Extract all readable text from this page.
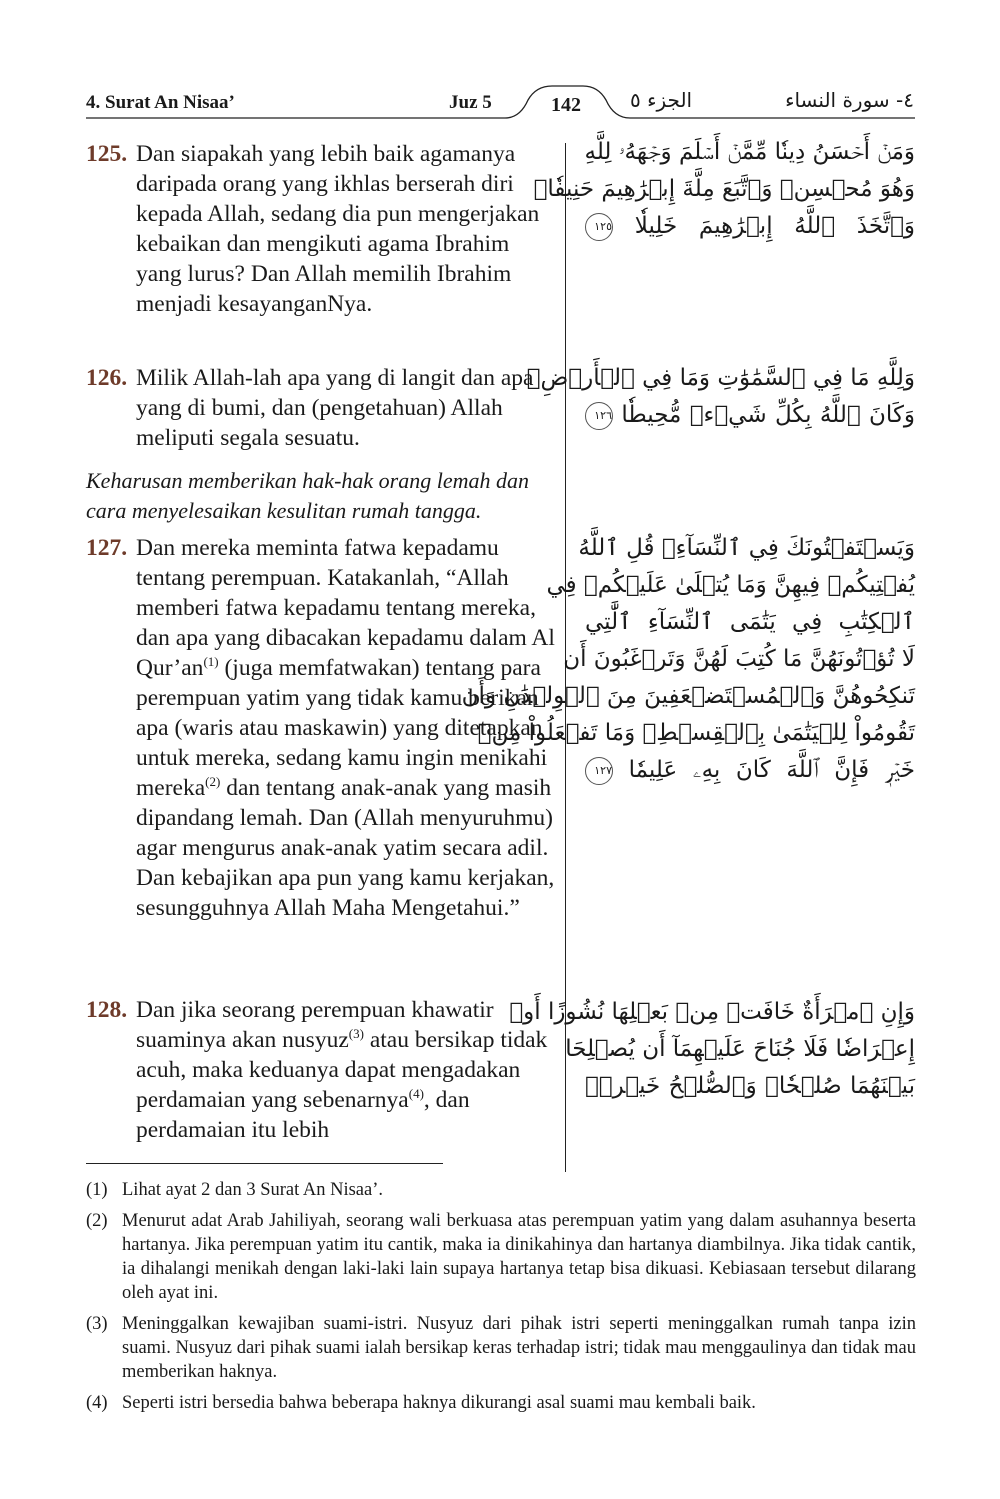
4. Surat An Nisaa’	Juz 5	142	الجزء ٥	٤- سورة النساء
125. Dan siapakah yang lebih baik agamanya daripada orang yang ikhlas berserah diri kepada Allah, sedang dia pun mengerjakan kebaikan dan mengikuti agama Ibrahim yang lurus? Dan Allah memilih Ibrahim menjadi kesayanganNya.
وَمَنۡ أَحۡسَنُ دِينٗا مِّمَّنۡ أَسۡلَمَ وَجۡهَهُۥ لِلَّهِ
وَهُوَ مُحۡسِنٞ وَٱتَّبَعَ مِلَّةَ إِبۡرَٰهِيمَ حَنِيفٗاۗ
وَٱتَّخَذَ ٱللَّهُ إِبۡرَٰهِيمَ خَلِيلٗا ١٢٥
126. Milik Allah-lah apa yang di langit dan apa yang di bumi, dan (pengetahuan) Allah meliputi segala sesuatu.
وَلِلَّهِ مَا فِي ٱلسَّمَٰوَٰتِ وَمَا فِي ٱلۡأَرۡضِۚ
وَكَانَ ٱللَّهُ بِكُلِّ شَيۡءٖ مُّحِيطٗا ١٢٦
Keharusan memberikan hak-hak orang lemah dan cara menyelesaikan kesulitan rumah tangga.
127. Dan mereka meminta fatwa kepadamu tentang perempuan. Katakanlah, “Allah memberi fatwa kepadamu tentang mereka, dan apa yang dibacakan kepadamu dalam Al $Qur’an^{(1)}$ (juga memfatwakan) tentang para perempuan yatim yang tidak kamu berikan apa (waris atau maskawin) yang ditetapkan untuk mereka, sedang kamu ingin menikahi mereka$^{(2)}$ dan tentang anak-anak yang masih dipandang lemah. Dan (Allah menyuruhmu) agar mengurus anak-anak yatim secara adil. Dan kebajikan apa pun yang kamu kerjakan, sesungguhnya Allah Maha Mengetahui.”
وَيَسۡتَفۡتُونَكَ فِي ٱلنِّسَآءِۖ قُلِ ٱللَّهُ
يُفۡتِيكُمۡ فِيهِنَّ وَمَا يُتۡلَىٰ عَلَيۡكُمۡ فِي
ٱلۡكِتَٰبِ فِي يَتَٰمَى ٱلنِّسَآءِ ٱلَّٰتِي
لَا تُؤۡتُونَهُنَّ مَا كُتِبَ لَهُنَّ وَتَرۡغَبُونَ أَن
تَنكِحُوهُنَّ وَٱلۡمُسۡتَضۡعَفِينَ مِنَ ٱلۡوِلۡدَٰنِ وَأَن
تَقُومُواْ لِلۡيَتَٰمَىٰ بِٱلۡقِسۡطِۚ وَمَا تَفۡعَلُواْ مِنۡ
خَيۡرٖ فَإِنَّ ٱللَّهَ كَانَ بِهِۦ عَلِيمٗا ١٢٧
128. Dan jika seorang perempuan khawatir suaminya akan nusyuz$^{(3)}$ atau bersikap tidak acuh, maka keduanya dapat mengadakan perdamaian yang sebenarnya$^{(4)}$, dan perdamaian itu lebih
وَإِنِ ٱمۡرَأَةٌ خَافَتۡ مِنۢ بَعۡلِهَا نُشُوزًا أَوۡ
إِعۡرَاضٗا فَلَا جُنَاحَ عَلَيۡهِمَآ أَن يُصۡلِحَا
بَيۡنَهُمَا صُلۡحٗاۚ وَٱلصُّلۡحُ خَيۡرٞۗ
(1) Lihat ayat 2 dan 3 Surat An Nisaa’.
(2) Menurut adat Arab Jahiliyah, seorang wali berkuasa atas perempuan yatim yang dalam asuhannya beserta hartanya. Jika perempuan yatim itu cantik, maka ia dinikahinya dan hartanya diambilnya. Jika tidak cantik, ia dihalangi menikah dengan laki-laki lain supaya hartanya tetap bisa dikuasi. Kebiasaan tersebut dilarang oleh ayat ini.
(3) Meninggalkan kewajiban suami-istri. Nusyuz dari pihak istri seperti meninggalkan rumah tanpa izin suami. Nusyuz dari pihak suami ialah bersikap keras terhadap istri; tidak mau menggaulinya dan tidak mau memberikan haknya.
(4) Seperti istri bersedia bahwa beberapa haknya dikurangi asal suami mau kembali baik.
